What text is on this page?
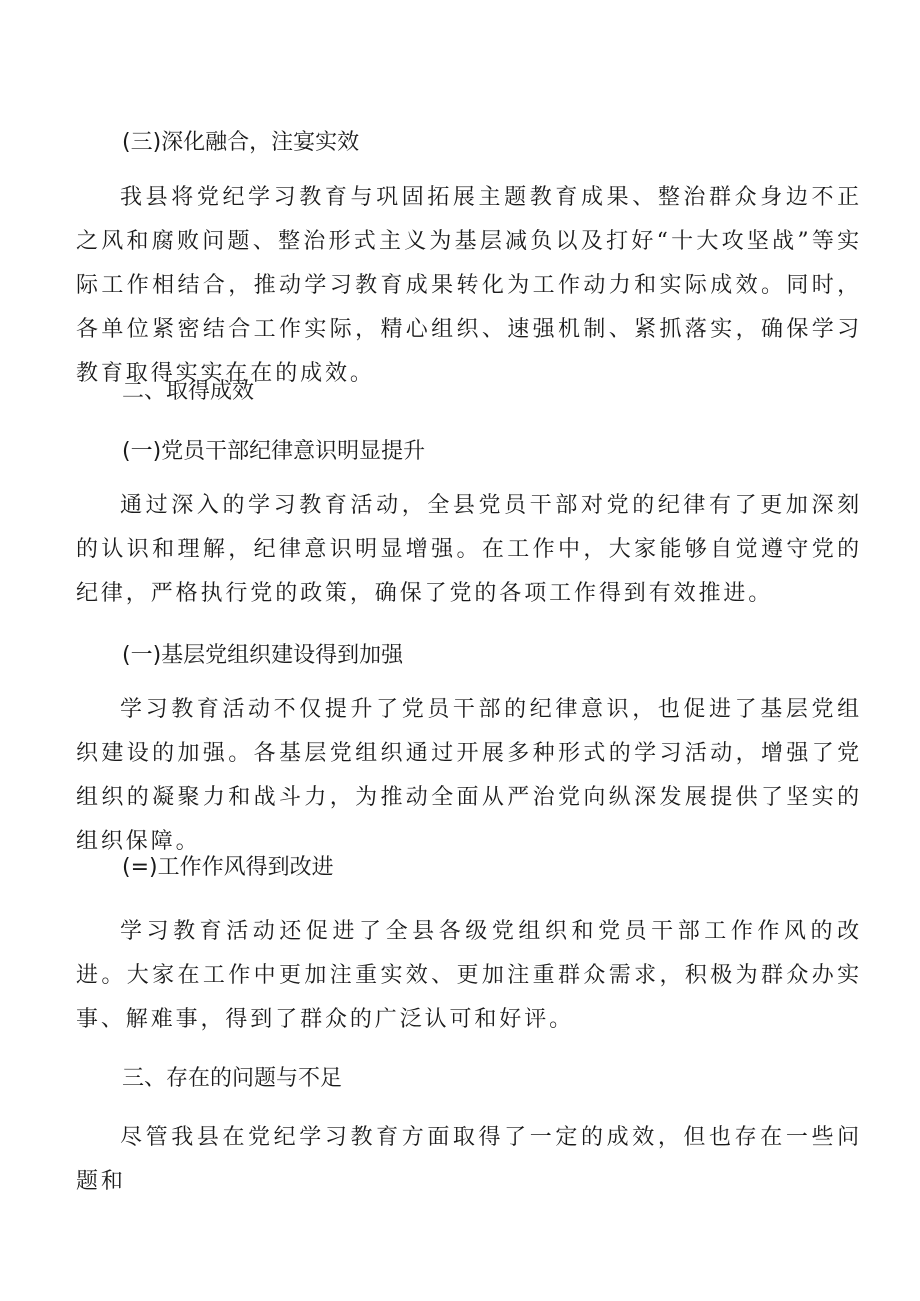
(三)深化融合，注宴实效

我县将党纪学习教育与巩固拓展主题教育成果、整治群众身边不正之风和腐败问题、整治形式主义为基层减负以及打好“十大攻坚战”等实际工作相结合，推动学习教育成果转化为工作动力和实际成效。同时，各单位紧密结合工作实际，精心组织、速强机制、紧抓落实，确保学习教育取得实实在在的成效。

二、取得成效
(一)党员干部纪律意识明显提升

通过深入的学习教育活动，全县党员干部对党的纪律有了更加深刻的认识和理解，纪律意识明显增强。在工作中，大家能够自觉遵守党的纪律，严格执行党的政策，确保了党的各项工作得到有效推进。

(一)基层党组织建设得到加强

学习教育活动不仅提升了党员干部的纪律意识，也促进了基层党组织建设的加强。各基层党组织通过开展多种形式的学习活动，增强了党组织的凝聚力和战斗力，为推动全面从严治党向纵深发展提供了坚实的组织保障。

(=)工作作风得到改进

学习教育活动还促进了全县各级党组织和党员干部工作作风的改进。大家在工作中更加注重实效、更加注重群众需求，积极为群众办实事、解难事，得到了群众的广泛认可和好评。

三、存在的问题与不足

尽管我县在党纪学习教育方面取得了一定的成效，但也存在一些问题和
